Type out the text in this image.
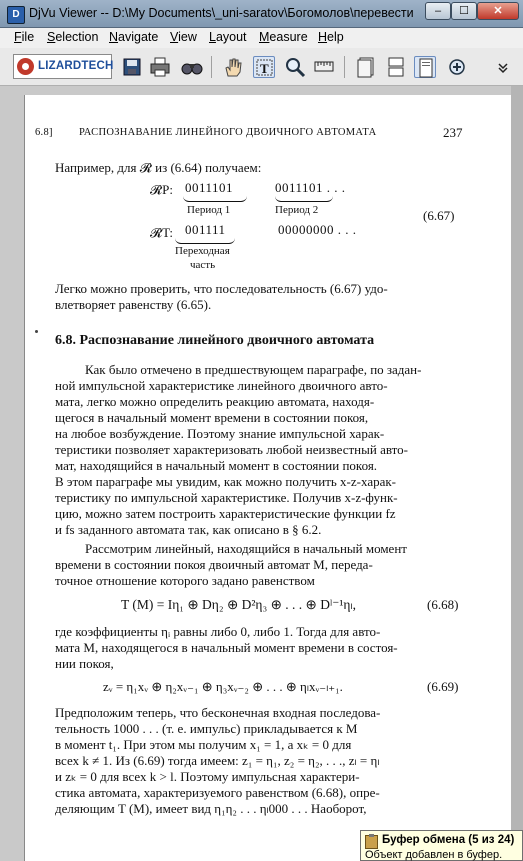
D DjVu Viewer -- D:\My Documents\_uni-saratov\Богомолов\перевести	–	☐	✕
File Selection Navigate View Layout Measure Help
LIZARDTECH	T
6.8] РАСПОЗНАВАНИЕ ЛИНЕЙНОГО ДВОИЧНОГО АВТОМАТА	237
Например, для 𝓡 из (6.64) получаем:
𝓡P: 0011101	0011101 . . .
Период 1	Период 2
𝓡T: 001111	00000000 . . .
Переходная
часть
(6.67)
Легко можно проверить, что последовательность (6.67) удо-
влетворяет равенству (6.65).
6.8. Распознавание линейного двоичного автомата
Как было отмечено в предшествующем параграфе, по задан-
ной импульсной характеристике линейного двоичного авто-
мата, легко можно определить реакцию автомата, находя-
щегося в начальный момент времени в состоянии покоя,
на любое возбуждение. Поэтому знание импульсной харак-
теристики позволяет характеризовать любой неизвестный авто-
мат, находящийся в начальный момент в состоянии покоя.
В этом параграфе мы увидим, как можно получить x-z-харак-
теристику по импульсной характеристике. Получив x-z-функ-
цию, можно затем построить характеристические функции fz
и fs заданного автомата так, как описано в § 6.2.
Рассмотрим линейный, находящийся в начальный момент
времени в состоянии покоя двоичный автомат M, переда-
точное отношение которого задано равенством
T (M) = Iη₁ ⊕ Dη₂ ⊕ D²η₃ ⊕ . . . ⊕ Dˡ⁻¹ηₗ,	(6.68)
где коэффициенты ηᵢ равны либо 0, либо 1. Тогда для авто-
мата M, находящегося в начальный момент времени в состоя-
нии покоя,
zᵥ = η₁xᵥ ⊕ η₂xᵥ₋₁ ⊕ η₃xᵥ₋₂ ⊕ . . . ⊕ ηₗxᵥ₋ₗ₊₁.	(6.69)
Предположим теперь, что бесконечная входная последова-
тельность 1000 . . . (т. е. импульс) прикладывается к M
в момент t₁. При этом мы получим x₁ = 1, а xₖ = 0 для
всех k ≠ 1. Из (6.69) тогда имеем: z₁ = η₁, z₂ = η₂, . . ., zₗ = ηₗ
и zₖ = 0 для всех k > l. Поэтому импульсная характери-
стика автомата, характеризуемого равенством (6.68), опре-
деляющим T (M), имеет вид η₁η₂ . . . ηₗ000 . . . Наоборот,
Буфер обмена (5 из 24)
Объект добавлен в буфер.
